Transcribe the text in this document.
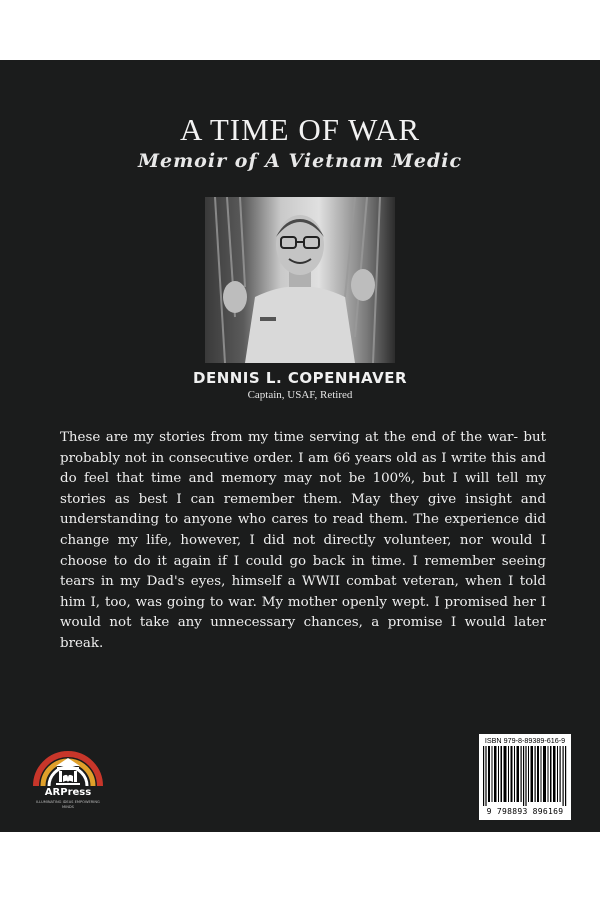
A TIME OF WAR
Memoir of A Vietnam Medic
DENNIS L. COPENHAVER
Captain, USAF, Retired
These are my stories from my time serving at the end of the war- but probably not in consecutive order. I am 66 years old as I write this and do feel that time and memory may not be 100%, but I will tell my stories as best I can remember them. May they give insight and understanding to anyone who cares to read them. The experience did change my life, however, I did not directly volunteer, nor would I choose to do it again if I could go back in time. I remember seeing tears in my Dad's eyes, himself a WWII combat veteran, when I told him I, too, was going to war. My mother openly wept. I promised her I would not take any unnecessary chances, a promise I would later break.
ARPress
ILLUMINATING IDEAS EMPOWERING MINDS
ISBN 979-8-89389-616-9
9 798893 896169
